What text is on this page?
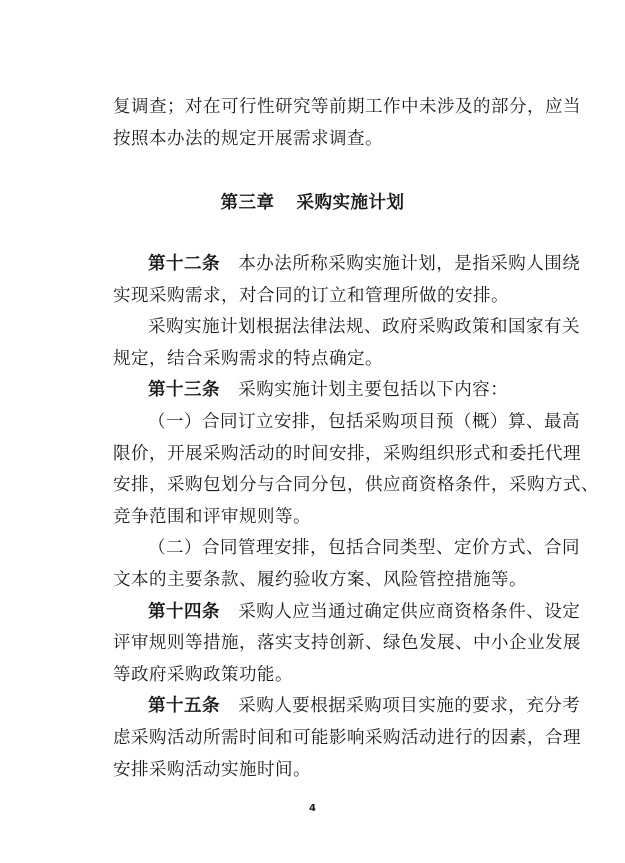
复调查；对在可行性研究等前期工作中未涉及的部分，应当
按照本办法的规定开展需求调查。
第三章 采购实施计划
第十二条 本办法所称采购实施计划，是指采购人围绕
实现采购需求，对合同的订立和管理所做的安排。
采购实施计划根据法律法规、政府采购政策和国家有关
规定，结合采购需求的特点确定。
第十三条 采购实施计划主要包括以下内容：
（一）合同订立安排，包括采购项目预（概）算、最高
限价，开展采购活动的时间安排，采购组织形式和委托代理
安排，采购包划分与合同分包，供应商资格条件，采购方式、
竞争范围和评审规则等。
（二）合同管理安排，包括合同类型、定价方式、合同
文本的主要条款、履约验收方案、风险管控措施等。
第十四条 采购人应当通过确定供应商资格条件、设定
评审规则等措施，落实支持创新、绿色发展、中小企业发展
等政府采购政策功能。
第十五条 采购人要根据采购项目实施的要求，充分考
虑采购活动所需时间和可能影响采购活动进行的因素，合理
安排采购活动实施时间。
4
